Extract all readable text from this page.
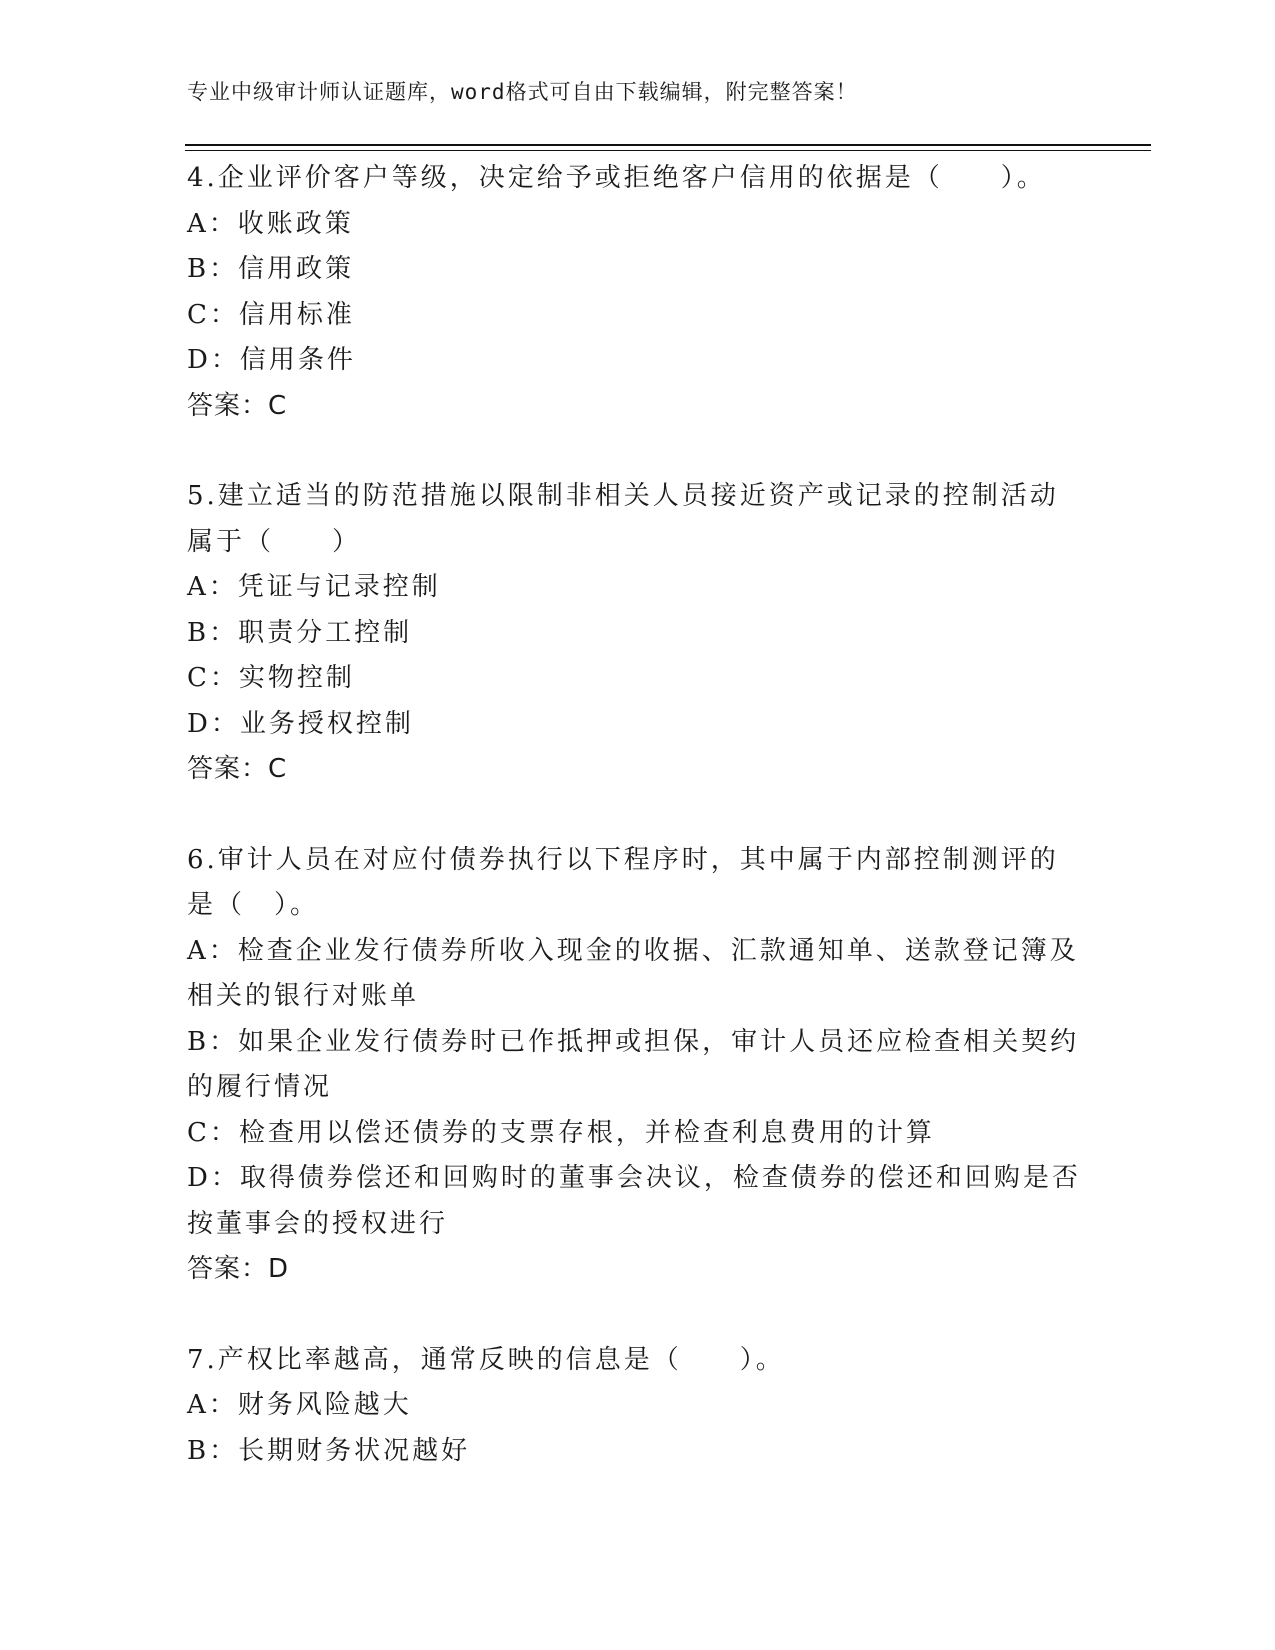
专业中级审计师认证题库，word格式可自由下载编辑，附完整答案！
4.企业评价客户等级，决定给予或拒绝客户信用的依据是（　　）。
A：收账政策
B：信用政策
C：信用标准
D：信用条件
答案：C
5.建立适当的防范措施以限制非相关人员接近资产或记录的控制活动
属于（　　）
A：凭证与记录控制
B：职责分工控制
C：实物控制
D：业务授权控制
答案：C
6.审计人员在对应付债券执行以下程序时，其中属于内部控制测评的
是（　）。
A：检查企业发行债券所收入现金的收据、汇款通知单、送款登记簿及
相关的银行对账单
B：如果企业发行债券时已作抵押或担保，审计人员还应检查相关契约
的履行情况
C：检查用以偿还债券的支票存根，并检查利息费用的计算
D：取得债券偿还和回购时的董事会决议，检查债券的偿还和回购是否
按董事会的授权进行
答案：D
7.产权比率越高，通常反映的信息是（　　）。
A：财务风险越大
B：长期财务状况越好
